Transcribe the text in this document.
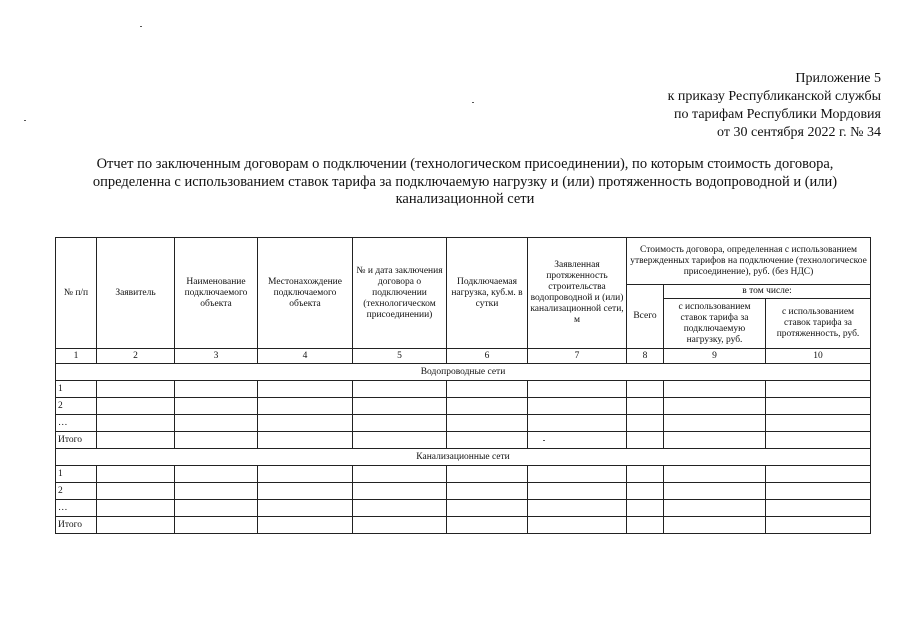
Приложение 5
к приказу Республиканской службы
по тарифам Республики Мордовия
от 30 сентября 2022 г. № 34
Отчет по заключенным договорам о подключении (технологическом присоединении), по которым стоимость договора,
определенна с использованием ставок тарифа за подключаемую нагрузку и (или) протяженность водопроводной и (или)
канализационной сети
№ п/п	Заявитель	Наименование подключаемого объекта	Местонахождение подключаемого объекта	№ и дата заключения договора о подключении (технологическом присоединении)	Подключаемая нагрузка, куб.м. в сутки	Заявленная протяженность строительства водопроводной и (или) канализационной сети, м	Стоимость договора, определенная с использованием утвержденных тарифов на подключение (технологическое присоединение), руб. (без НДС)		
							Всего	в том числе:	
								с использованием ставок тарифа за подключаемую нагрузку, руб.	с использованием ставок тарифа за протяженность, руб.
1	2	3	4	5	6	7	8	9	10
Водопроводные сети									
1									
2									
…									
Итого									
Канализационные сети									
1									
2									
…									
Итого									
